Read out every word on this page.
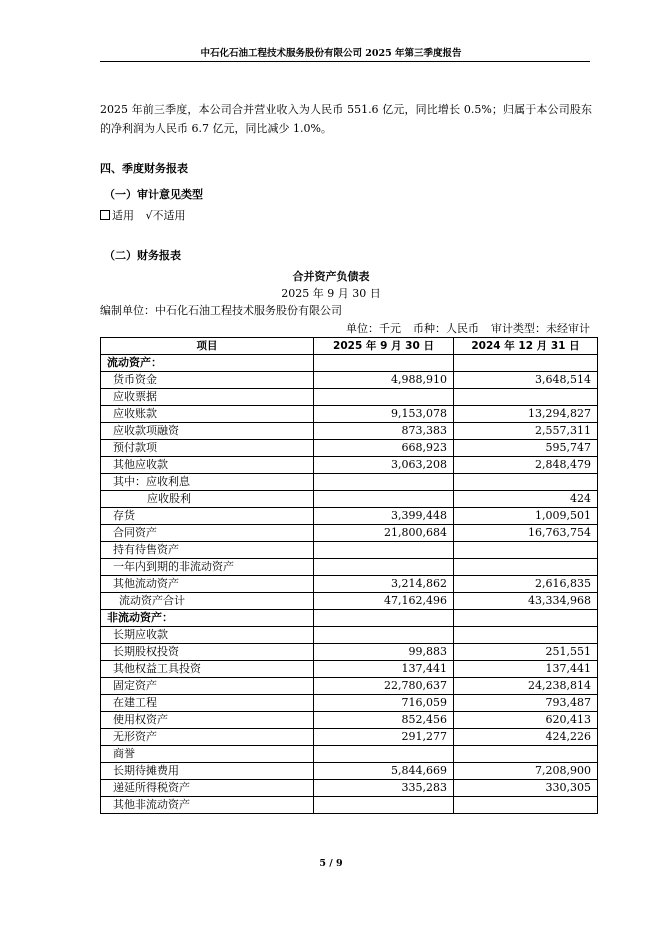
中石化石油工程技术服务股份有限公司 2025 年第三季度报告
2025 年前三季度，本公司合并营业收入为人民币 551.6 亿元，同比增长 0.5%；归属于本公司股东的净利润为人民币 6.7 亿元，同比减少 1.0%。
四、季度财务报表
（一）审计意见类型
适用 √不适用
（二）财务报表
合并资产负债表
2025 年 9 月 30 日
编制单位：中石化石油工程技术服务股份有限公司
单位：千元 币种：人民币 审计类型：未经审计
项目	2025 年 9 月 30 日	2024 年 12 月 31 日
流动资产：		
货币资金	4,988,910	3,648,514
应收票据		
应收账款	9,153,078	13,294,827
应收款项融资	873,383	2,557,311
预付款项	668,923	595,747
其他应收款	3,063,208	2,848,479
其中：应收利息		
应收股利		424
存货	3,399,448	1,009,501
合同资产	21,800,684	16,763,754
持有待售资产		
一年内到期的非流动资产		
其他流动资产	3,214,862	2,616,835
流动资产合计	47,162,496	43,334,968
非流动资产：		
长期应收款		
长期股权投资	99,883	251,551
其他权益工具投资	137,441	137,441
固定资产	22,780,637	24,238,814
在建工程	716,059	793,487
使用权资产	852,456	620,413
无形资产	291,277	424,226
商誉		
长期待摊费用	5,844,669	7,208,900
递延所得税资产	335,283	330,305
其他非流动资产		
5 / 9
